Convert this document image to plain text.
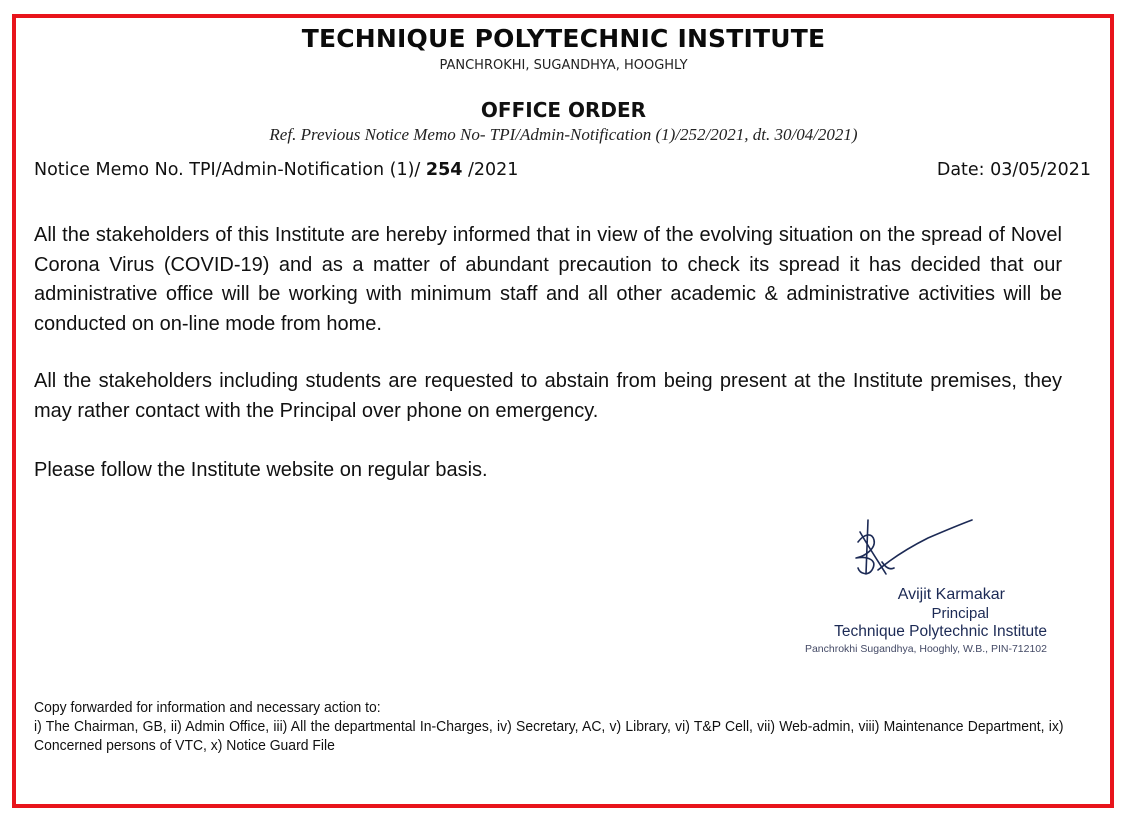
TECHNIQUE POLYTECHNIC INSTITUTE
PANCHROKHI, SUGANDHYA, HOOGHLY
OFFICE ORDER
Ref. Previous Notice Memo No- TPI/Admin-Notification (1)/252/2021, dt. 30/04/2021)
Notice Memo No. TPI/Admin-Notification (1)/ 254 /2021	Date: 03/05/2021
All the stakeholders of this Institute are hereby informed that in view of the evolving situation on the spread of Novel Corona Virus (COVID-19) and as a matter of abundant precaution to check its spread it has decided that our administrative office will be working with minimum staff and all other academic & administrative activities will be conducted on on-line mode from home.
All the stakeholders including students are requested to abstain from being present at the Institute premises, they may rather contact with the Principal over phone on emergency.
Please follow the Institute website on regular basis.
Avijit Karmakar
Principal
Technique Polytechnic Institute
Panchrokhi Sugandhya, Hooghly, W.B., PIN-712102
Copy forwarded for information and necessary action to:
i) The Chairman, GB, ii) Admin Office, iii) All the departmental In-Charges, iv) Secretary, AC, v) Library, vi) T&P Cell, vii) Web-admin, viii) Maintenance Department, ix) Concerned persons of VTC, x) Notice Guard File
